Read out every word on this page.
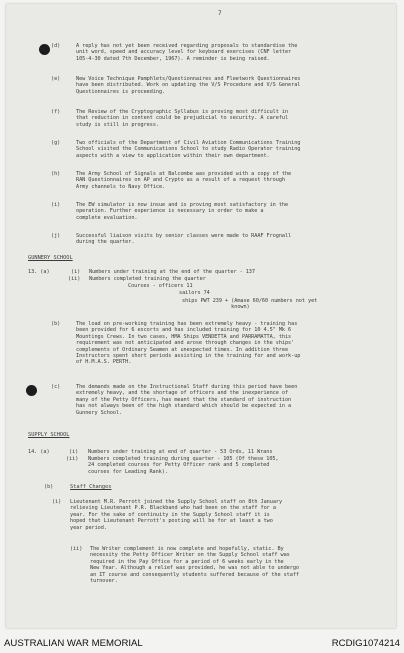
7
(d)	A reply has not yet been received regarding proposals to standardise the
unit word, speed and accuracy level for keyboard exercises (CNF letter
105-4-30 dated 7th December, 1967). A reminder is being raised.
(e)	New Voice Technique Pamphlets/Questionnaires and Fleetwork Questionnaires
have been distributed. Work on updating the V/S Procedure and V/S General
Questionnaires is proceeding.
(f)	The Review of the Cryptographic Syllabus is proving most difficult in
that reduction in content could be prejudicial to security. A careful
study is still in progress.
(g)	Two officials of the Department of Civil Aviation Communications Training
School visited the Communications School to study Radio Operator training
aspects with a view to application within their own department.
(h)	The Army School of Signals at Balcombe was provided with a copy of the
RAN Questionnaires on AP and Crypto as a result of a request through
Army channels to Navy Office.
(i)	The EW simulator is now insue and is proving most satisfactory in the
operation. Further experience is necessary in order to make a
complete evaluation.
(j)	Successful liaison visits by senior classes were made to RAAF Frognall
during the quarter.
GUNNERY SCHOOL
13. (a)	(i) Numbers under training at the end of the quarter - 137
(ii) Numbers completed training the quarter
Courses - officers 11
sailors 74
ships PWT 239 + (Amase 60/60 numbers not yet
known)
(b)	The load on pre-working training has been extremely heavy - training has
been provided for 6 escorts and has included training for 10 4.5" Mk 6
Mountings Crews. In two cases, HMA Ships VENDETTA and PARRAMATTA, this
requirement was not anticipated and arose through changes in the ships'
complements of Ordinary Seamen at unexpected times. In addition three
Instructors spent short periods assisting in the training for and work-up
of H.M.A.S. PERTH.
(c)	The demands made on the Instructional Staff during this period have been
extremely heavy, and the shortage of officers and the inexperience of
many of the Petty Officers, has meant that the standard of instruction
has not always been of the high standard which should be expected in a
Gunnery School.
SUPPLY SCHOOL
14. (a)	(i) Numbers under training at end of quarter - 53 Ords, 11 Wrans
(ii) Numbers completed training during quarter - 105 (Of these 105,
24 completed courses for Petty Officer rank and 5 completed
courses for Leading Rank).
(b)	Staff Changes
(i) Lieutenant M.R. Perrott joined the Supply School staff on 8th January
relieving Lieutenant P.R. Blackband who had been on the staff for a
year. For the sake of continuity in the Supply School staff it is
hoped that Lieutenant Perrott's posting will be for at least a two
year period.
(ii) The Writer complement is now complete and hopefully, static. By
necessity the Petty Officer Writer on the Supply School staff was
required in the Pay Office for a period of 6 weeks early in the
New Year. Although a relief was provided, he was not able to undergo
an IT course and consequently students suffered because of the staff
turnover.
AUSTRALIAN WAR MEMORIAL	RCDIG1074214
